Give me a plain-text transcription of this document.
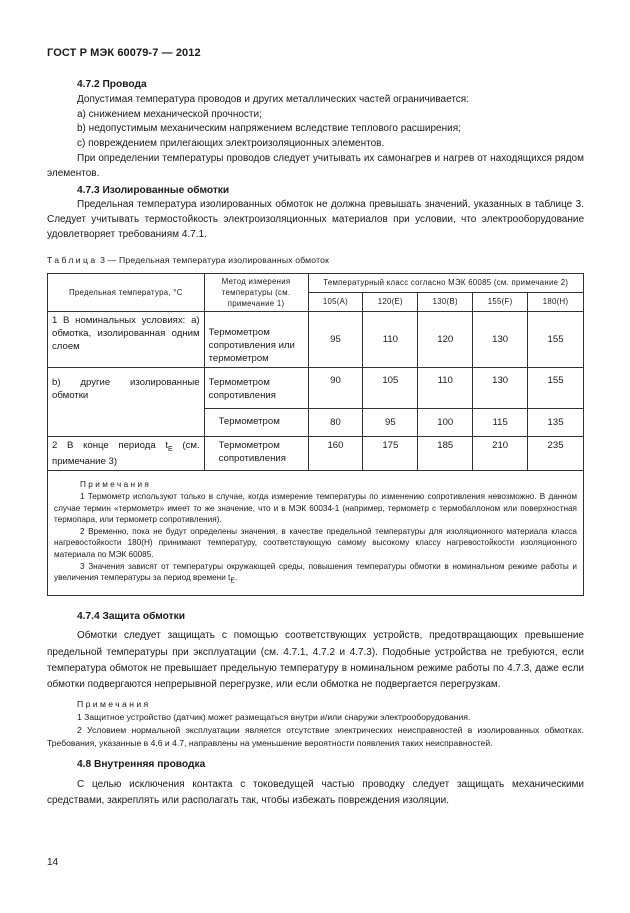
ГОСТ Р МЭК 60079-7 — 2012

4.7.2 Провода

Допустимая температура проводов и других металлических частей ограничивается:

а) снижением механической прочности;

b) недопустимым механическим напряжением вследствие теплового расширения;

с) повреждением прилегающих электроизоляционных элементов.

При определении температуры проводов следует учитывать их самонагрев и нагрев от находящихся рядом элементов.

4.7.3 Изолированные обмотки

Предельная температура изолированных обмоток не должна превышать значений, указанных в таблице 3. Следует учитывать термостойкость электроизоляционных материалов при условии, что электрооборудование удовлетворяет требованиям 4.7.1.

Таблица 3 — Предельная температура изолированных обмоток
Предельная температура, °С	Метод измерения температуры (см. примечание 1)	Температурный класс согласно МЭК 60085 (см. примечание 2)				
		105(A)	120(E)	130(B)	155(F)	180(H)
1 В номинальных условиях: а) обмотка, изолированная одним слоем	Термометром сопротивления или термометром	95	110	120	130	155
b) другие изолированные обмотки	Термометром сопротивления	90	105	110	130	155
	Термометром	80	95	100	115	135
2 В конце периода $t_E$ (см. примечание 3)	Термометром сопротивления	160	175	185	210	235

Примечания

1 Термометр используют только в случае, когда измерение температуры по изменению сопротивления невозможно. В данном случае термин «термометр» имеет то же значение, что и в МЭК 60034-1 (например, термометр с термобаллоном или поверхностная термопара, или термометр сопротивления).

2 Временно, пока не будут определены значения, в качестве предельной температуры для изоляционного материала класса нагревостойкости 180(H) принимают температуру, соответствующую самому высокому классу нагревостойкости изоляционного материала по МЭК 60085.

3 Значения зависят от температуры окружающей среды, повышения температуры обмотки в номинальном режиме работы и увеличения температуры за период времени $t_E$.						

4.7.4 Защита обмотки

Обмотки следует защищать с помощью соответствующих устройств, предотвращающих превышение предельной температуры при эксплуатации (см. 4.7.1, 4.7.2 и 4.7.3). Подобные устройства не требуются, если температура обмоток не превышает предельную температуру в номинальном режиме работы по 4.7.3, даже если обмотки подвергаются непрерывной перегрузке, или если обмотка не подвергается перегрузкам.

Примечания

1 Защитное устройство (датчик) может размещаться внутри и/или снаружи электрооборудования.

2 Условием нормальной эксплуатации является отсутствие электрических неисправностей в изолированных обмотках. Требования, указанные в 4.6 и 4.7, направлены на уменьшение вероятности появления таких неисправностей.

4.8 Внутренняя проводка

С целью исключения контакта с токоведущей частью проводку следует защищать механическими средствами, закреплять или располагать так, чтобы избежать повреждения изоляции.

14
